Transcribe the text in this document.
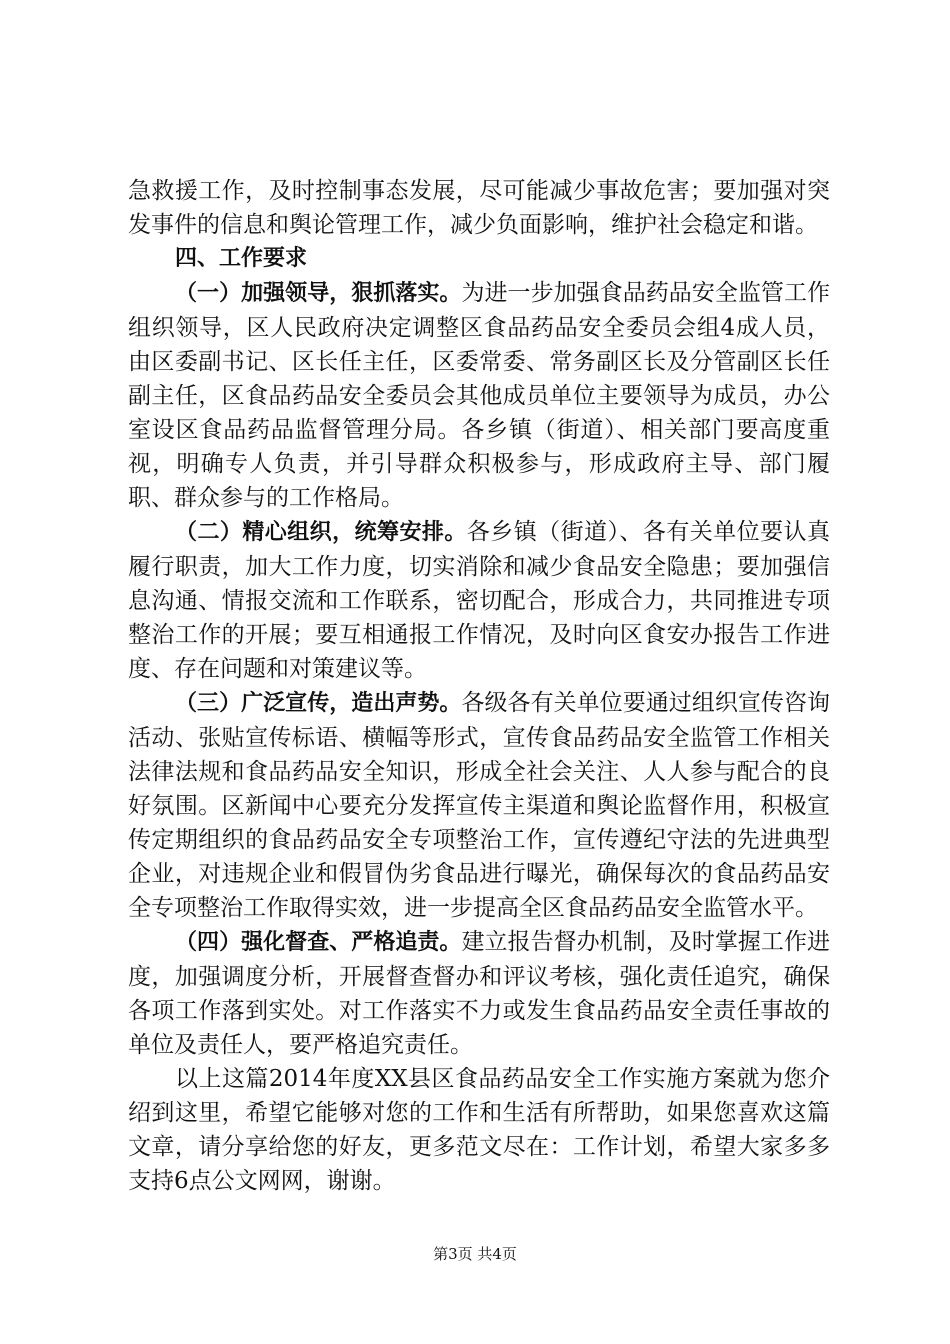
急救援工作，及时控制事态发展，尽可能减少事故危害；要加强对突发事件的信息和舆论管理工作，减少负面影响，维护社会稳定和谐。

四、工作要求

（一）加强领导，狠抓落实。为进一步加强食品药品安全监管工作组织领导，区人民政府决定调整区食品药品安全委员会组4成人员，由区委副书记、区长任主任，区委常委、常务副区长及分管副区长任副主任，区食品药品安全委员会其他成员单位主要领导为成员，办公室设区食品药品监督管理分局。各乡镇（街道）、相关部门要高度重视，明确专人负责，并引导群众积极参与，形成政府主导、部门履职、群众参与的工作格局。

（二）精心组织，统筹安排。各乡镇（街道）、各有关单位要认真履行职责，加大工作力度，切实消除和减少食品安全隐患；要加强信息沟通、情报交流和工作联系，密切配合，形成合力，共同推进专项整治工作的开展；要互相通报工作情况，及时向区食安办报告工作进度、存在问题和对策建议等。

（三）广泛宣传，造出声势。各级各有关单位要通过组织宣传咨询活动、张贴宣传标语、横幅等形式，宣传食品药品安全监管工作相关法律法规和食品药品安全知识，形成全社会关注、人人参与配合的良好氛围。区新闻中心要充分发挥宣传主渠道和舆论监督作用，积极宣传定期组织的食品药品安全专项整治工作，宣传遵纪守法的先进典型企业，对违规企业和假冒伪劣食品进行曝光，确保每次的食品药品安全专项整治工作取得实效，进一步提高全区食品药品安全监管水平。

（四）强化督查、严格追责。建立报告督办机制，及时掌握工作进度，加强调度分析，开展督查督办和评议考核，强化责任追究，确保各项工作落到实处。对工作落实不力或发生食品药品安全责任事故的单位及责任人，要严格追究责任。

以上这篇2014年度XX县区食品药品安全工作实施方案就为您介绍到这里，希望它能够对您的工作和生活有所帮助，如果您喜欢这篇文章，请分享给您的好友，更多范文尽在：工作计划，希望大家多多支持6点公文网网，谢谢。

第3页 共4页
